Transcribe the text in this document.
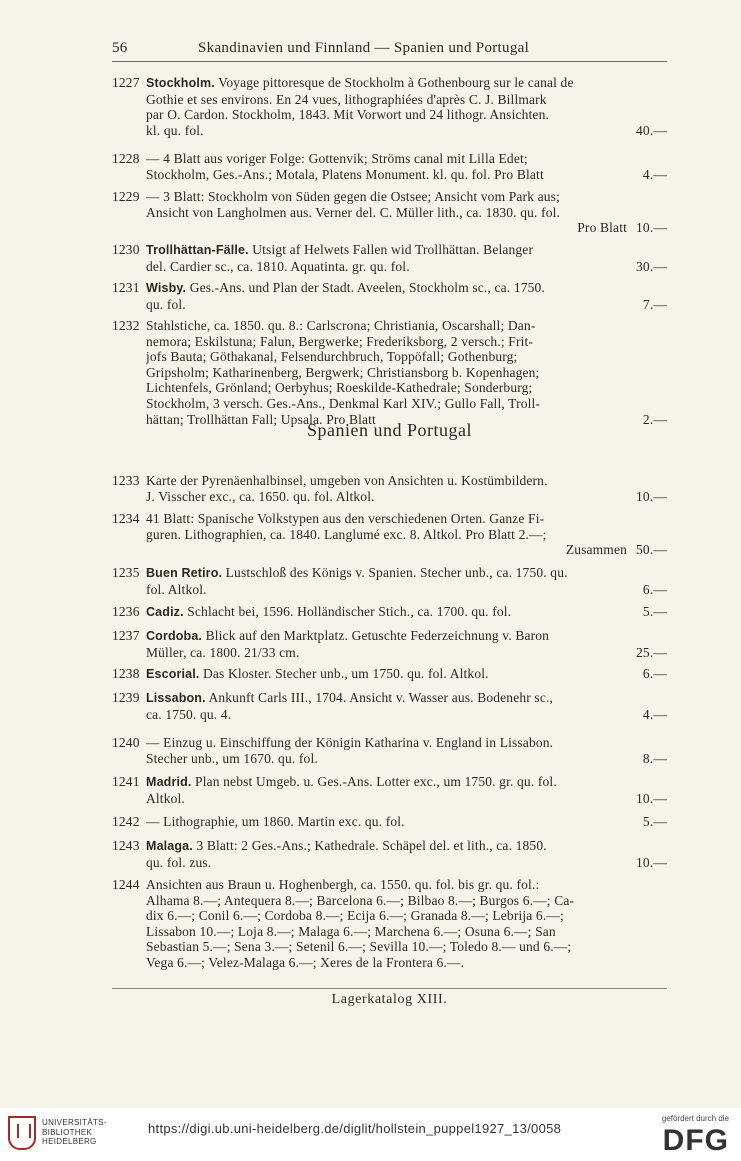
56	Skandinavien und Finnland — Spanien und Portugal
1227 Stockholm. Voyage pittoresque de Stockholm à Gothenbourg sur le canal de
Gothie et ses environs. En 24 vues, lithographiées d'après C. J. Billmark
par O. Cardon. Stockholm, 1843. Mit Vorwort und 24 lithogr. Ansichten.
kl. qu. fol.	40.—
1228 — 4 Blatt aus voriger Folge: Gottenvik; Ströms canal mit Lilla Edet;
Stockholm, Ges.-Ans.; Motala, Platens Monument. kl. qu. fol. Pro Blatt	4.—
1229 — 3 Blatt: Stockholm von Süden gegen die Ostsee; Ansicht vom Park aus;
Ansicht von Langholmen aus. Verner del. C. Müller lith., ca. 1830. qu. fol.
Pro Blatt 10.—
1230 Trollhättan-Fälle. Utsigt af Helwets Fallen wid Trollhättan. Belanger
del. Cardier sc., ca. 1810. Aquatinta. gr. qu. fol.	30.—
1231 Wisby. Ges.-Ans. und Plan der Stadt. Aveelen, Stockholm sc., ca. 1750.
qu. fol.	7.—
1232 Stahlstiche, ca. 1850. qu. 8.: Carlscrona; Christiania, Oscarshall; Dan-
nemora; Eskilstuna; Falun, Bergwerke; Frederiksborg, 2 versch.; Frit-
jofs Bauta; Göthakanal, Felsendurchbruch, Toppöfall; Gothenburg;
Gripsholm; Katharinenberg, Bergwerk; Christiansborg b. Kopenhagen;
Lichtenfels, Grönland; Oerbyhus; Roeskilde-Kathedrale; Sonderburg;
Stockholm, 3 versch. Ges.-Ans., Denkmal Karl XIV.; Gullo Fall, Troll-
hättan; Trollhättan Fall; Upsala. Pro Blatt	2.—
Spanien und Portugal
1233 Karte der Pyrenäenhalbinsel, umgeben von Ansichten u. Kostümbildern.
J. Visscher exc., ca. 1650. qu. fol. Altkol.	10.—
1234 41 Blatt: Spanische Volkstypen aus den verschiedenen Orten. Ganze Fi-
guren. Lithographien, ca. 1840. Langlumé exc. 8. Altkol. Pro Blatt 2.—;
Zusammen 50.—
1235 Buen Retiro. Lustschloß des Königs v. Spanien. Stecher unb., ca. 1750. qu.
fol. Altkol.	6.—
1236 Cadiz. Schlacht bei, 1596. Holländischer Stich., ca. 1700. qu. fol.	5.—
1237 Cordoba. Blick auf den Marktplatz. Getuschte Federzeichnung v. Baron
Müller, ca. 1800. 21/33 cm.	25.—
1238 Escorial. Das Kloster. Stecher unb., um 1750. qu. fol. Altkol.	6.—
1239 Lissabon. Ankunft Carls III., 1704. Ansicht v. Wasser aus. Bodenehr sc.,
ca. 1750. qu. 4.	4.—
1240 — Einzug u. Einschiffung der Königin Katharina v. England in Lissabon.
Stecher unb., um 1670. qu. fol.	8.—
1241 Madrid. Plan nebst Umgeb. u. Ges.-Ans. Lotter exc., um 1750. gr. qu. fol.
Altkol.	10.—
1242 — Lithographie, um 1860. Martin exc. qu. fol.	5.—
1243 Malaga. 3 Blatt: 2 Ges.-Ans.; Kathedrale. Schäpel del. et lith., ca. 1850.
qu. fol. zus.	10.—
1244 Ansichten aus Braun u. Hoghenbergh, ca. 1550. qu. fol. bis gr. qu. fol.:
Alhama 8.—; Antequera 8.—; Barcelona 6.—; Bilbao 8.—; Burgos 6.—; Ca-
dix 6.—; Conil 6.—; Cordoba 8.—; Ecija 6.—; Granada 8.—; Lebrija 6.—;
Lissabon 10.—; Loja 8.—; Malaga 6.—; Marchena 6.—; Osuna 6.—; San
Sebastian 5.—; Sena 3.—; Setenil 6.—; Sevilla 10.—; Toledo 8.— und 6.—;
Vega 6.—; Velez-Malaga 6.—; Xeres de la Frontera 6.—.
Lagerkatalog XIII.
UNIVERSITÄTS-
BIBLIOTHEK
HEIDELBERG
https://digi.ub.uni-heidelberg.de/diglit/hollstein_puppel1927_13/0058
gefördert durch die
DFG
